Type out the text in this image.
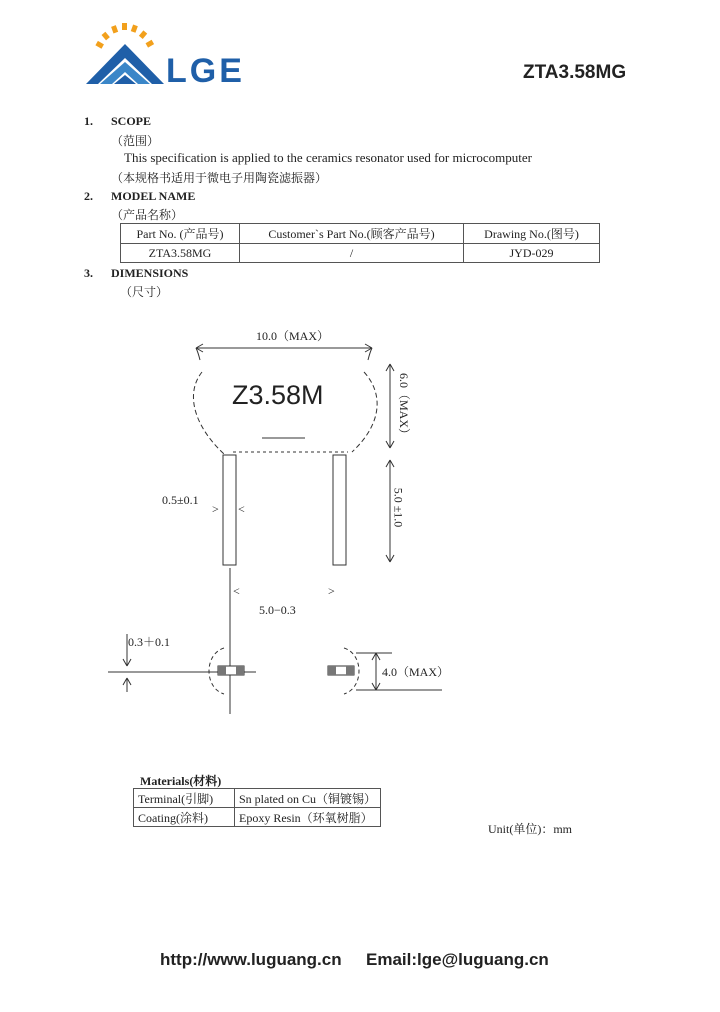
LGE	ZTA3.58MG
1. SCOPE
（范围）
This specification is applied to the ceramics resonator used for microcomputer
（本规格书适用于微电子用陶瓷滤振器）
2. MODEL NAME
（产品名称）
Part No. (产品号)	Customer`s Part No.(顾客产品号)	Drawing No.(图号)
ZTA3.58MG	/	JYD-029
3. DIMENSIONS
（尺寸）
10.0（MAX）
Z3.58M	6.0（MAX）
5.0 ±1.0
0.5±0.1
> <
<	>
5.0−0.3
0.3＋0.1
4.0（MAX）
Materials(材料)
Terminal(引脚)	Sn plated on Cu（铜镀锡）
Coating(涂料)	Epoxy Resin（环氧树脂）
Unit(单位)：mm
http://www.luguang.cn Email:lge@luguang.cn
